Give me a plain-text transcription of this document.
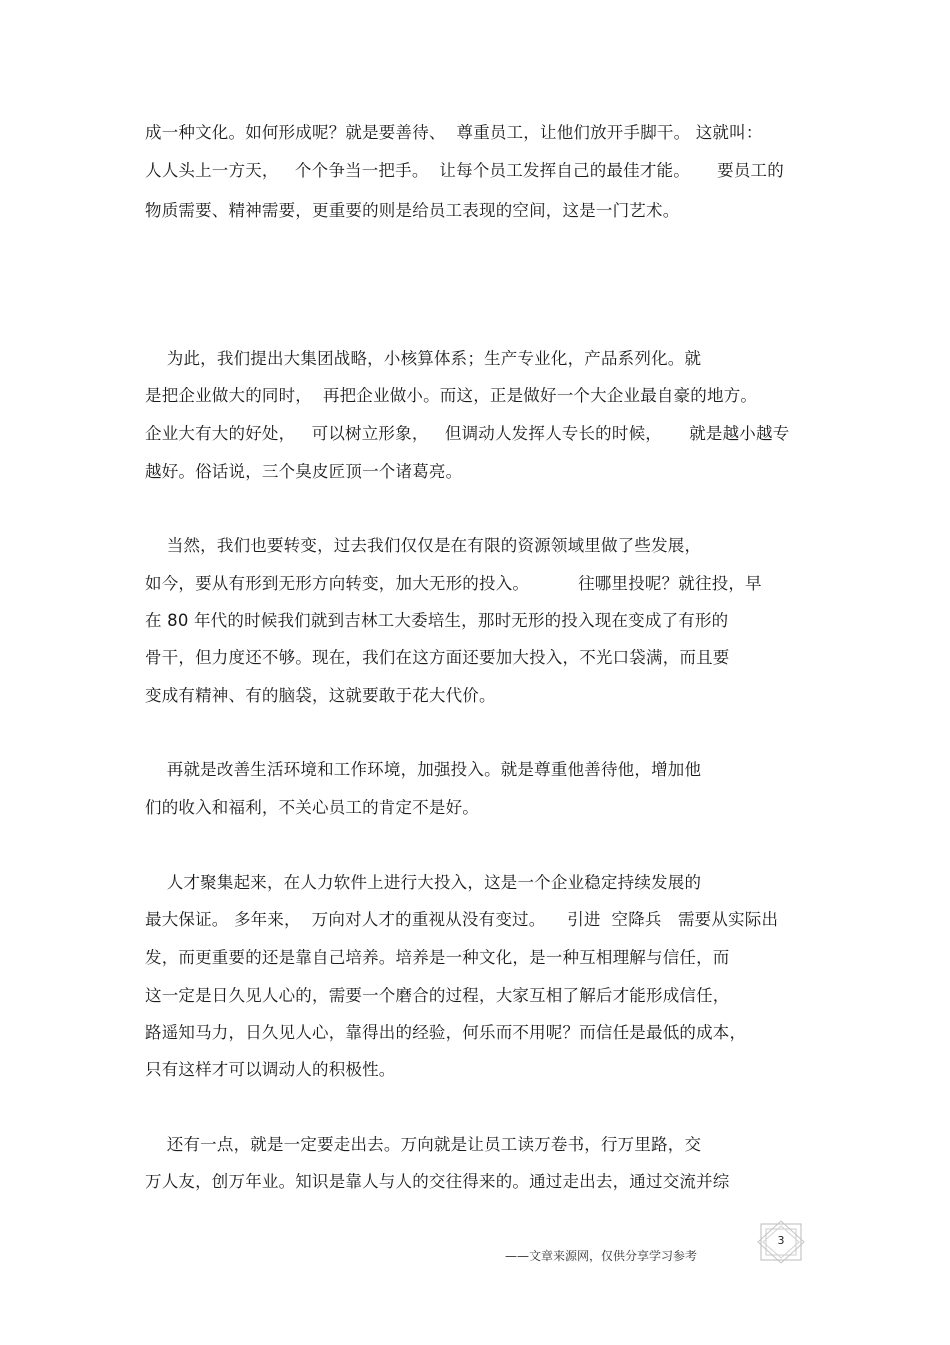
成一种文化。如何形成呢？就是要善待、  尊重员工，让他们放开手脚干。 这就叫：
人人头上一方天，   个个争当一把手。  让每个员工发挥自己的最佳才能。     要员工的
物质需要、精神需要，更重要的则是给员工表现的空间，这是一门艺术。
为此，我们提出大集团战略，小核算体系；生产专业化，产品系列化。就
是把企业做大的同时，  再把企业做小。而这，正是做好一个大企业最自豪的地方。
企业大有大的好处，   可以树立形象，   但调动人发挥人专长的时候，     就是越小越专
越好。俗话说，三个臭皮匠顶一个诸葛亮。
当然，我们也要转变，过去我们仅仅是在有限的资源领域里做了些发展，
如今，要从有形到无形方向转变，加大无形的投入。         往哪里投呢？就往投，早
在 80 年代的时候我们就到吉林工大委培生，那时无形的投入现在变成了有形的
骨干，但力度还不够。现在，我们在这方面还要加大投入，不光口袋满，而且要
变成有精神、有的脑袋，这就要敢于花大代价。
再就是改善生活环境和工作环境，加强投入。就是尊重他善待他，增加他
们的收入和福利，不关心员工的肯定不是好。
人才聚集起来，在人力软件上进行大投入，这是一个企业稳定持续发展的
最大保证。 多年来，  万向对人才的重视从没有变过。    引进  空降兵   需要从实际出
发，而更重要的还是靠自己培养。培养是一种文化，是一种互相理解与信任，而
这一定是日久见人心的，需要一个磨合的过程，大家互相了解后才能形成信任，
路遥知马力，日久见人心，靠得出的经验，何乐而不用呢？而信任是最低的成本，
只有这样才可以调动人的积极性。
还有一点，就是一定要走出去。万向就是让员工读万卷书，行万里路，交
万人友，创万年业。知识是靠人与人的交往得来的。通过走出去，通过交流并综
3
——文章来源网，仅供分享学习参考
